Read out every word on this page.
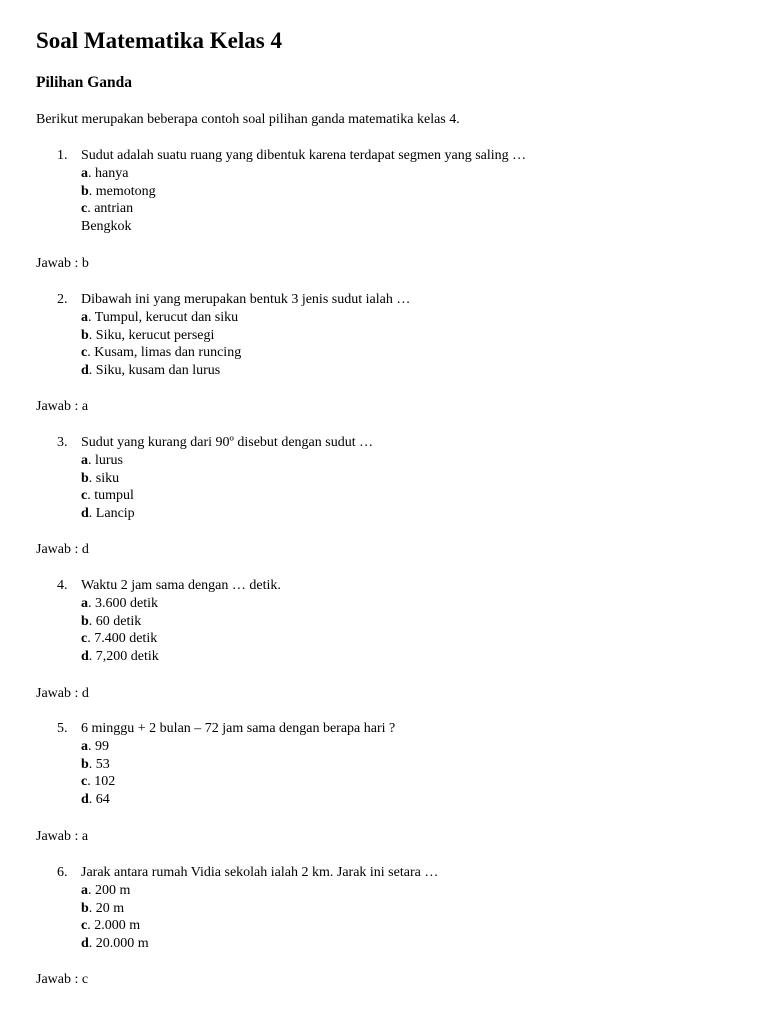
Soal Matematika Kelas 4
Pilihan Ganda

Berikut merupakan beberapa contoh soal pilihan ganda matematika kelas 4.

1. Sudut adalah suatu ruang yang dibentuk karena terdapat segmen yang saling …
a. hanya
b. memotong
c. antrian
Bengkok

Jawab : b

2. Dibawah ini yang merupakan bentuk 3 jenis sudut ialah …
a. Tumpul, kerucut dan siku
b. Siku, kerucut persegi
c. Kusam, limas dan runcing
d. Siku, kusam dan lurus

Jawab : a

3. Sudut yang kurang dari 90º disebut dengan sudut …
a. lurus
b. siku
c. tumpul
d. Lancip

Jawab : d

4. Waktu 2 jam sama dengan … detik.
a. 3.600 detik
b. 60 detik
c. 7.400 detik
d. 7,200 detik

Jawab : d

5. 6 minggu + 2 bulan – 72 jam sama dengan berapa hari ?
a. 99
b. 53
c. 102
d. 64

Jawab : a

6. Jarak antara rumah Vidia sekolah ialah 2 km. Jarak ini setara …
a. 200 m
b. 20 m
c. 2.000 m
d. 20.000 m

Jawab : c
